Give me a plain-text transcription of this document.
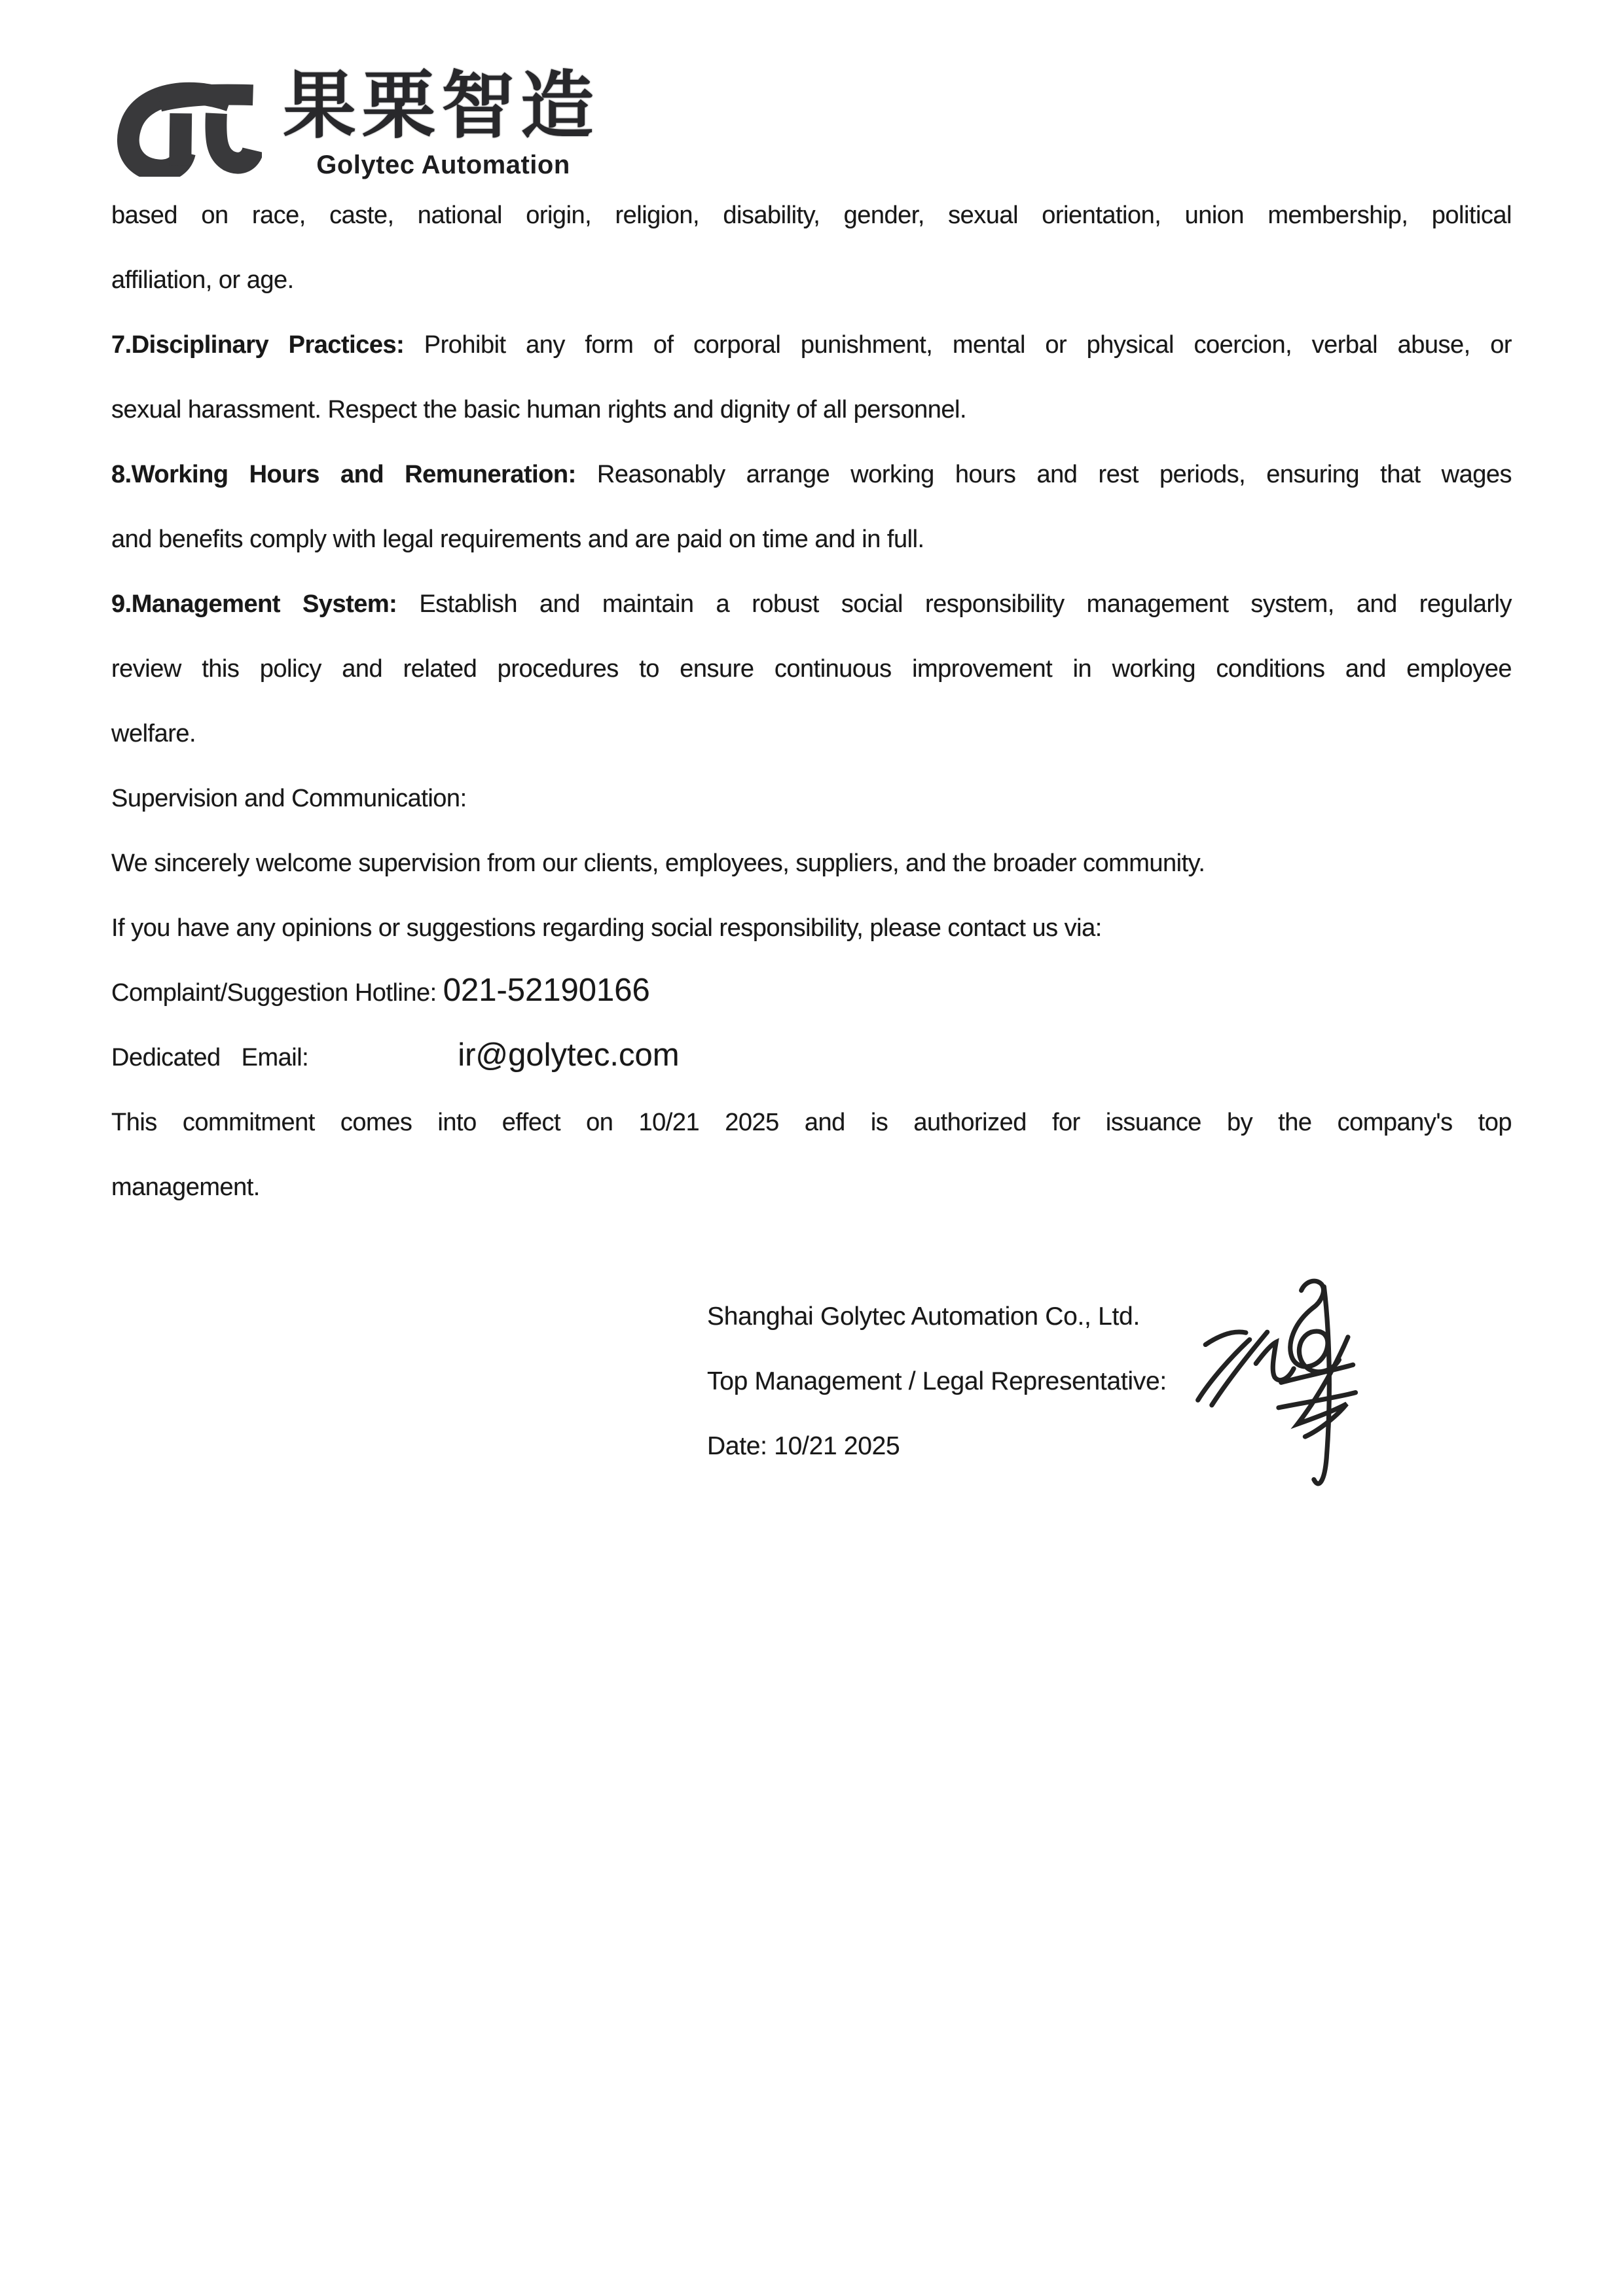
果栗智造
Golytec Automation
based on race, caste, national origin, religion, disability, gender, sexual orientation, union membership, political
affiliation, or age.
7.Disciplinary Practices: Prohibit any form of corporal punishment, mental or physical coercion, verbal abuse, or
sexual harassment. Respect the basic human rights and dignity of all personnel.
8.Working Hours and Remuneration: Reasonably arrange working hours and rest periods, ensuring that wages
and benefits comply with legal requirements and are paid on time and in full.
9.Management System: Establish and maintain a robust social responsibility management system, and regularly
review this policy and related procedures to ensure continuous improvement in working conditions and employee
welfare.
Supervision and Communication:
We sincerely welcome supervision from our clients, employees, suppliers, and the broader community.
If you have any opinions or suggestions regarding social responsibility, please contact us via:
Complaint/Suggestion Hotline: 021-52190166
Dedicated Email:	ir@golytec.com
This commitment comes into effect on 10/21 2025 and is authorized for issuance by the company's top
management.
Shanghai Golytec Automation Co., Ltd.
Top Management / Legal Representative:
Date: 10/21 2025
